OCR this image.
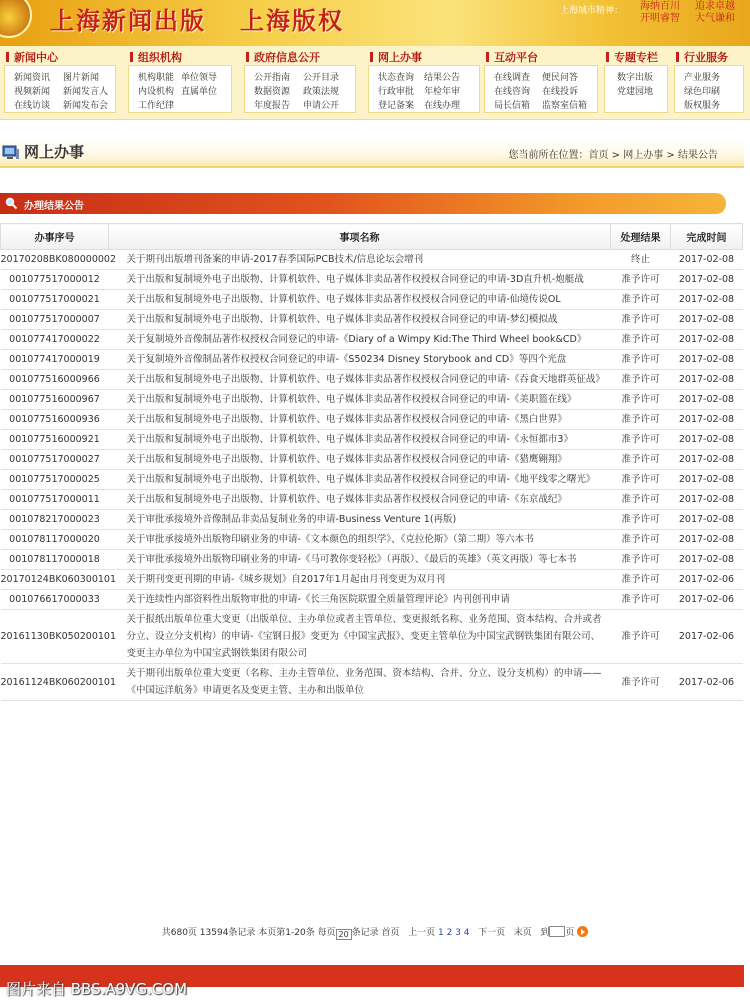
上海新闻出版 上海版权	上海城市精神： 海纳百川 追求卓越
开明睿智 大气谦和
新闻中心
新闻资讯 图片新闻
视频新闻 新闻发言人
在线访谈 新闻发布会
组织机构
机构职能 单位领导
内设机构 直属单位
工作纪律
政府信息公开
公开指南 公开目录
数据资源 政策法规
年度报告 申请公开
网上办事
状态查询 结果公告
行政审批 年检年审
登记备案 在线办理
互动平台
在线调查 便民问答
在线咨询 在线投诉
局长信箱 监察室信箱
专题专栏
数字出版
党建园地
行业服务
产业服务
绿色印刷
版权服务
网上办事	您当前所在位置：首页 > 网上办事 > 结果公告
办理结果公告
办事序号	事项名称	处理结果	完成时间
20170208BK080000002	关于期刊出版增刊备案的申请-2017春季国际PCB技术/信息论坛会增刊	终止	2017-02-08
001077517000012	关于出版和复制境外电子出版物、计算机软件、电子媒体非卖品著作权授权合同登记的申请-3D直升机-炮艇战	准予许可	2017-02-08
001077517000021	关于出版和复制境外电子出版物、计算机软件、电子媒体非卖品著作权授权合同登记的申请-仙境传说OL	准予许可	2017-02-08
001077517000007	关于出版和复制境外电子出版物、计算机软件、电子媒体非卖品著作权授权合同登记的申请-梦幻模拟战	准予许可	2017-02-08
001077417000022	关于复制境外音像制品著作权授权合同登记的申请-《Diary of a Wimpy Kid:The Third Wheel book&CD》	准予许可	2017-02-08
001077417000019	关于复制境外音像制品著作权授权合同登记的申请-《S50234 Disney Storybook and CD》等四个光盘	准予许可	2017-02-08
001077516000966	关于出版和复制境外电子出版物、计算机软件、电子媒体非卖品著作权授权合同登记的申请-《吞食天地群英征战》	准予许可	2017-02-08
001077516000967	关于出版和复制境外电子出版物、计算机软件、电子媒体非卖品著作权授权合同登记的申请-《美职篮在线》	准予许可	2017-02-08
001077516000936	关于出版和复制境外电子出版物、计算机软件、电子媒体非卖品著作权授权合同登记的申请-《黑白世界》	准予许可	2017-02-08
001077516000921	关于出版和复制境外电子出版物、计算机软件、电子媒体非卖品著作权授权合同登记的申请-《永恒都市3》	准予许可	2017-02-08
001077517000027	关于出版和复制境外电子出版物、计算机软件、电子媒体非卖品著作权授权合同登记的申请-《猎鹰翱翔》	准予许可	2017-02-08
001077517000025	关于出版和复制境外电子出版物、计算机软件、电子媒体非卖品著作权授权合同登记的申请-《地平线零之曙光》	准予许可	2017-02-08
001077517000011	关于出版和复制境外电子出版物、计算机软件、电子媒体非卖品著作权授权合同登记的申请-《东京战纪》	准予许可	2017-02-08
001078217000023	关于审批承接境外音像制品非卖品复制业务的申请-Business Venture 1(再版)	准予许可	2017-02-08
001078117000020	关于审批承接境外出版物印刷业务的申请-《文本颜色的组织学》、《克拉伦斯》（第二期）等六本书	准予许可	2017-02-08
001078117000018	关于审批承接境外出版物印刷业务的申请-《马可教你变轻松》（再版）、《最后的英雄》（英文再版）等七本书	准予许可	2017-02-08
20170124BK060300101	关于期刊变更刊期的申请-《城乡规划》自2017年1月起由月刊变更为双月刊	准予许可	2017-02-06
001076617000033	关于连续性内部资料性出版物审批的申请-《长三角医院联盟全质量管理评论》内刊创刊申请	准予许可	2017-02-06
20161130BK050200101	关于报纸出版单位重大变更（出版单位、主办单位或者主管单位、变更报纸名称、业务范围、资本结构、合并或者分立、设立分支机构）的申请-《宝钢日报》变更为《中国宝武报》、变更主管单位为中国宝武钢铁集团有限公司、变更主办单位为中国宝武钢铁集团有限公司	准予许可	2017-02-06
20161124BK060200101	关于期刊出版单位重大变更（名称、主办主管单位、业务范围、资本结构、合并、分立、设分支机构）的申请——《中国远洋航务》申请更名及变更主管、主办和出版单位	准予许可	2017-02-06
共680页 13594条记录 本页第1-20条 每页 20 条记录 首页 上一页 1 2 3 4 下一页 末页 到 页
图片来自 BBS.A9VG.COM
